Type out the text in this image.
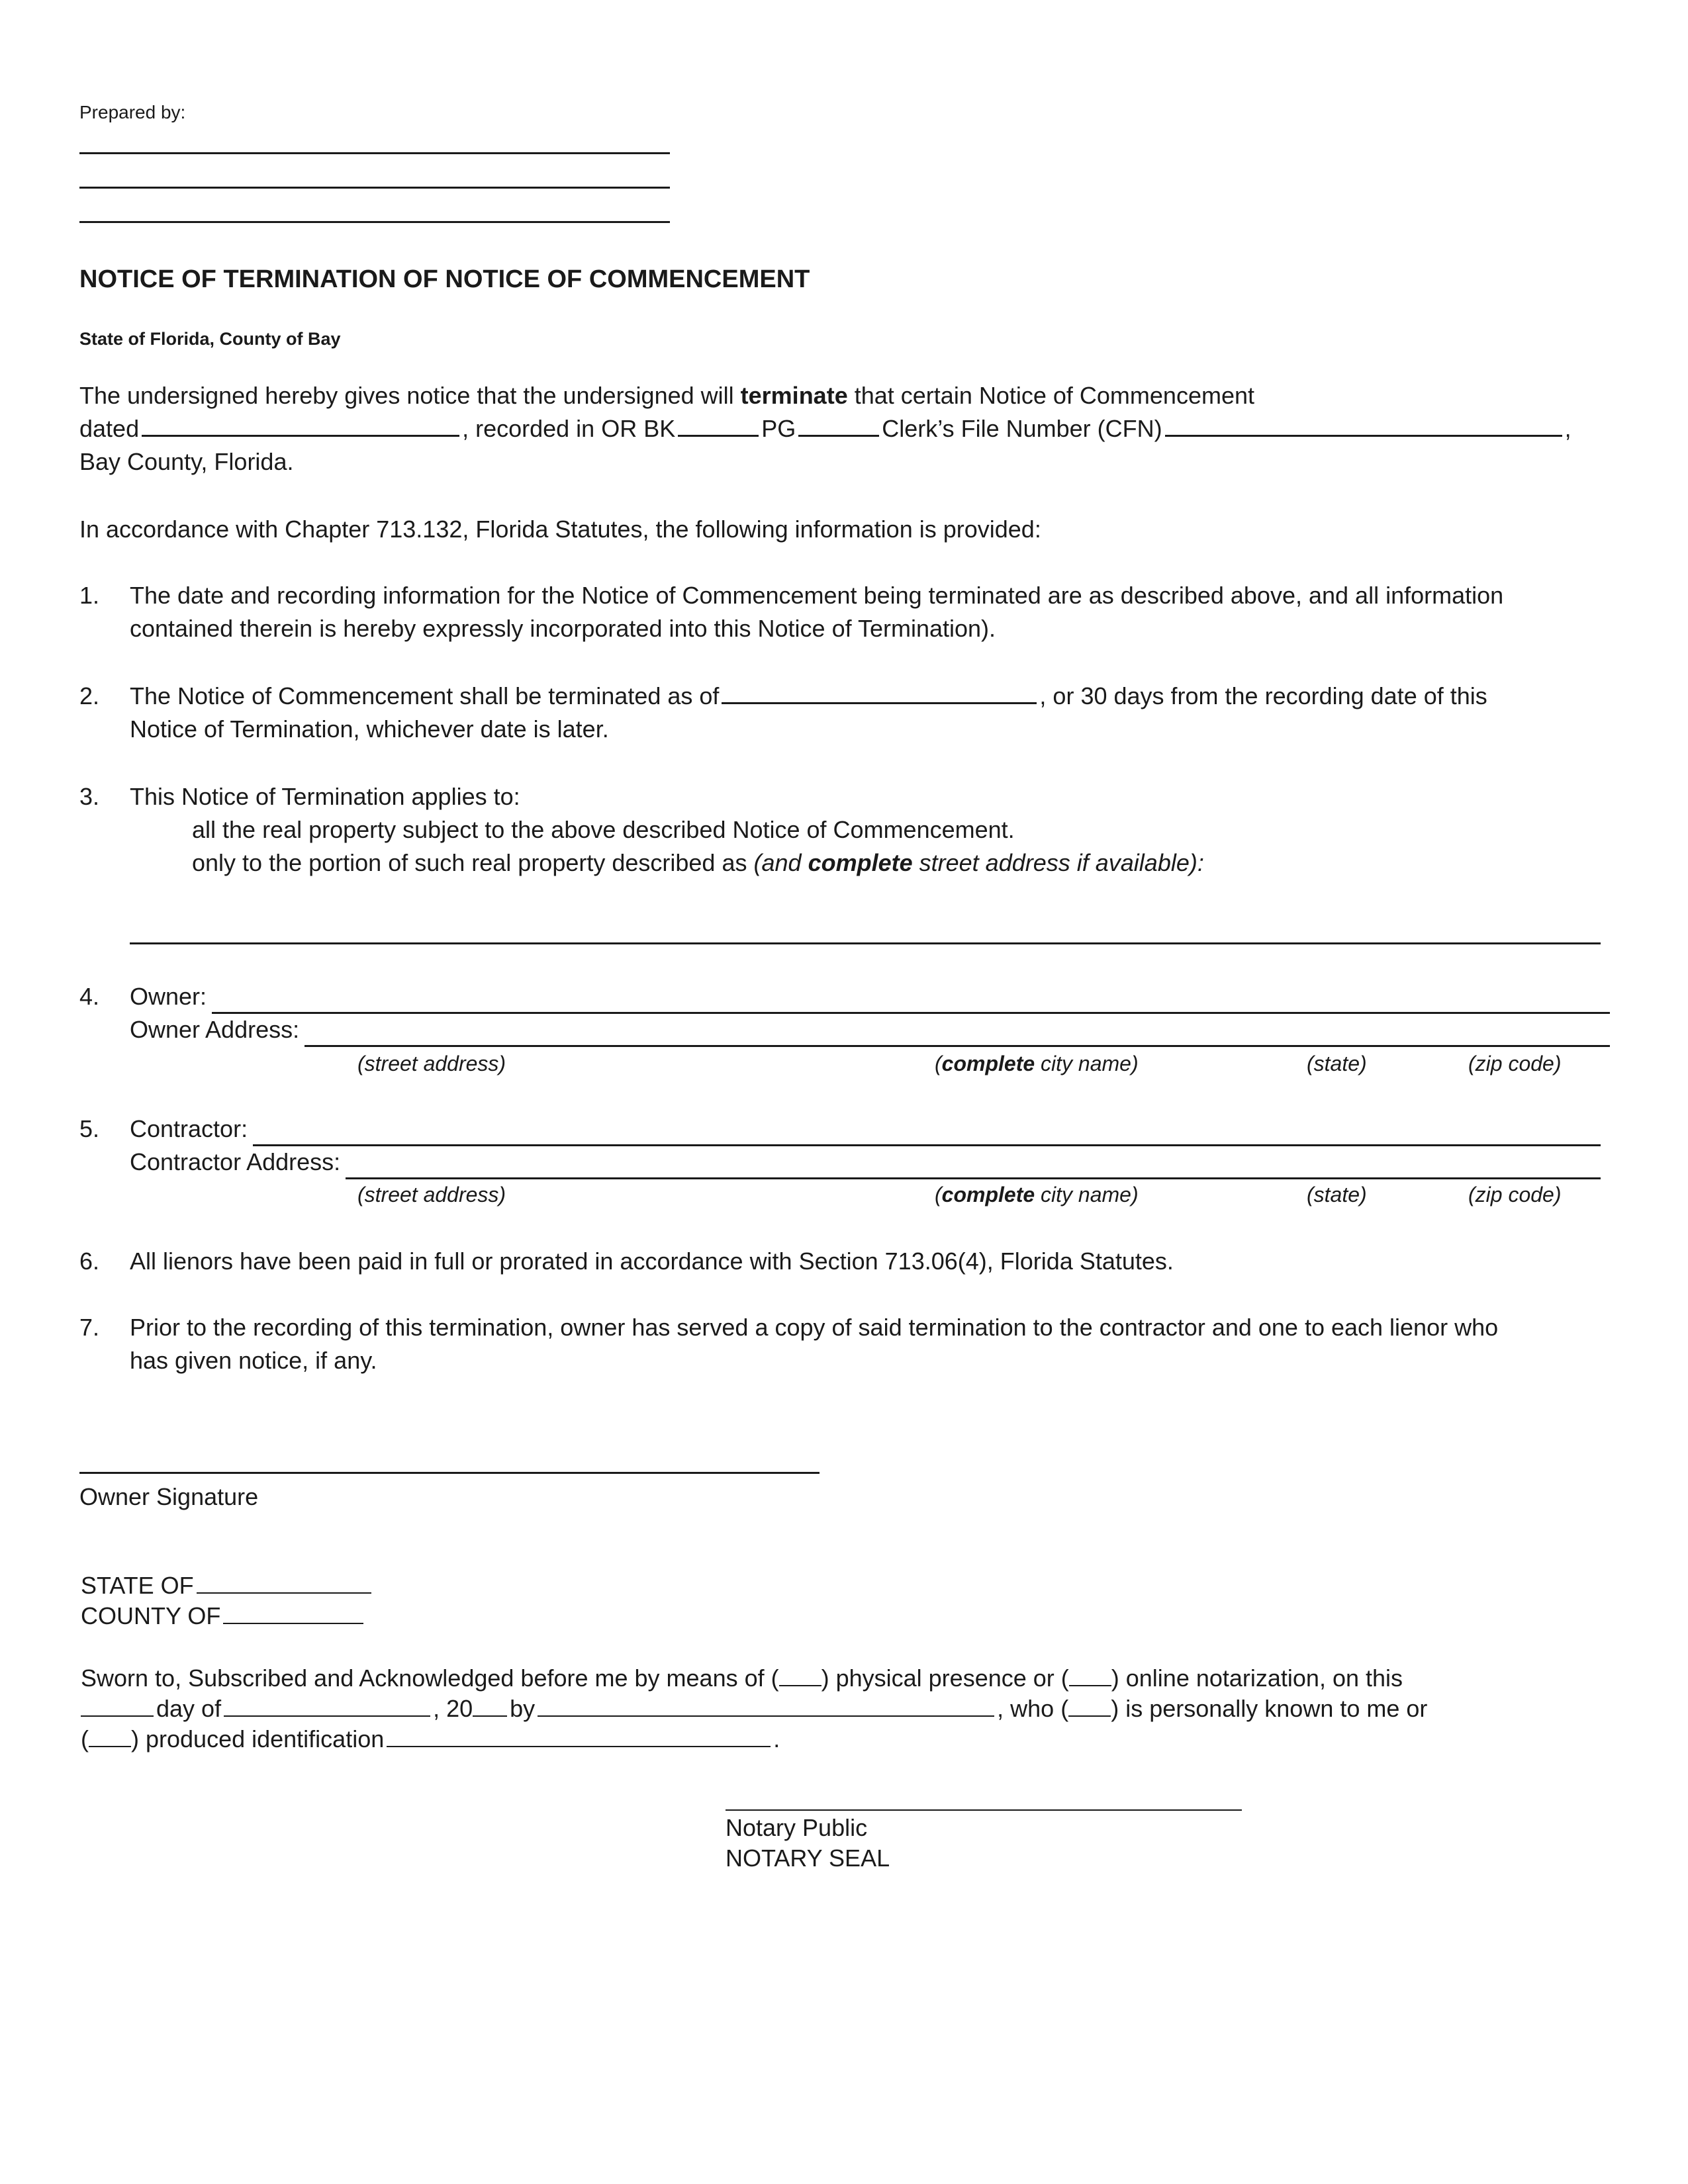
Prepared by:
NOTICE OF TERMINATION OF NOTICE OF COMMENCEMENT
State of Florida, County of Bay
The undersigned hereby gives notice that the undersigned will terminate that certain Notice of Commencement
dated	, recorded in OR BK	PG	Clerk’s File Number (CFN)	,
Bay County, Florida.
In accordance with Chapter 713.132, Florida Statutes, the following information is provided:
1. The date and recording information for the Notice of Commencement being terminated are as described above, and all information
contained therein is hereby expressly incorporated into this Notice of Termination).
2. The Notice of Commencement shall be terminated as of	, or 30 days from the recording date of this
Notice of Termination, whichever date is later.
3. This Notice of Termination applies to:
all the real property subject to the above described Notice of Commencement.
only to the portion of such real property described as (and complete street address if available):
4. Owner:
Owner Address:
(street address)	(complete city name)	(state)	(zip code)
5. Contractor:
Contractor Address:
(street address)	(complete city name)	(state)	(zip code)
6. All lienors have been paid in full or prorated in accordance with Section 713.06(4), Florida Statutes.
7. Prior to the recording of this termination, owner has served a copy of said termination to the contractor and one to each lienor who
has given notice, if any.
Owner Signature
STATE OF
COUNTY OF
Sworn to, Subscribed and Acknowledged before me by means of ( ) physical presence or ( ) online notarization, on this
day of	, 20 by	, who ( ) is personally known to me or
( ) produced identification	.
Notary Public
NOTARY SEAL
